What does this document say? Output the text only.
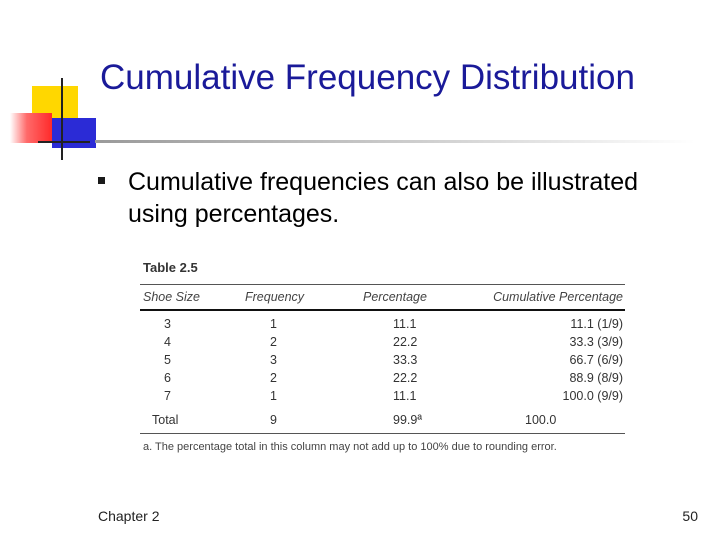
Cumulative Frequency Distribution
Cumulative frequencies can also be illustrated using percentages.
Table 2.5
Shoe Size	Frequency	Percentage	Cumulative Percentage
3	1	11.1	11.1 (1/9)
4	2	22.2	33.3 (3/9)
5	3	33.3	66.7 (6/9)
6	2	22.2	88.9 (8/9)
7	1	11.1	100.0 (9/9)
Total	9	99.9ª	100.0
a. The percentage total in this column may not add up to 100% due to rounding error.
Chapter 2	50
